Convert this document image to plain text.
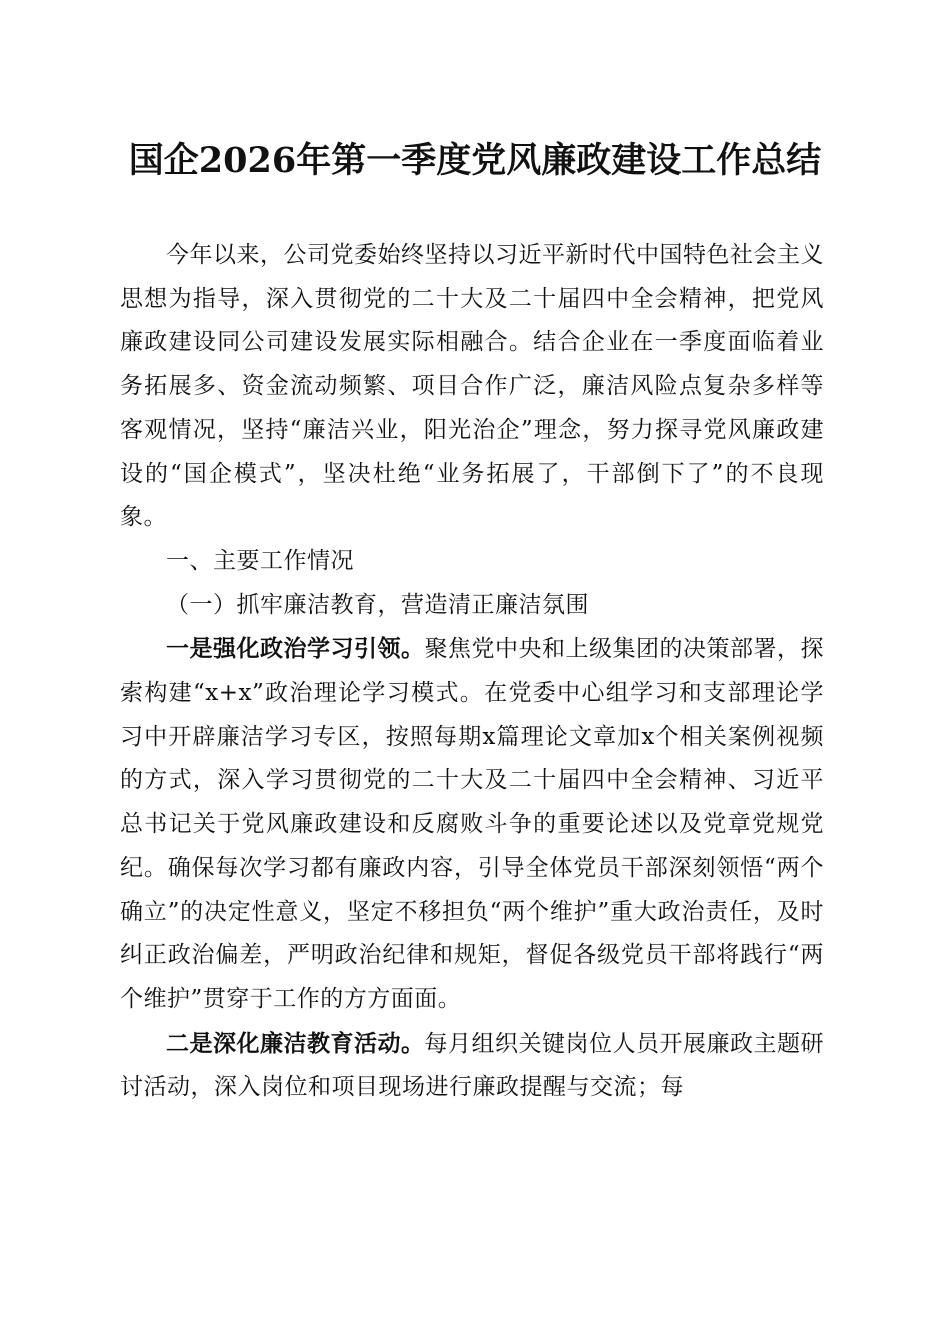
国企2026年第一季度党风廉政建设工作总结

今年以来，公司党委始终坚持以习近平新时代中国特色社会主义思想为指导，深入贯彻党的二十大及二十届四中全会精神，把党风廉政建设同公司建设发展实际相融合。结合企业在一季度面临着业务拓展多、资金流动频繁、项目合作广泛，廉洁风险点复杂多样等客观情况，坚持“廉洁兴业，阳光治企”理念，努力探寻党风廉政建设的“国企模式”，坚决杜绝“业务拓展了，干部倒下了”的不良现象。

一、主要工作情况

（一）抓牢廉洁教育，营造清正廉洁氛围

一是强化政治学习引领。聚焦党中央和上级集团的决策部署，探索构建“x+x”政治理论学习模式。在党委中心组学习和支部理论学习中开辟廉洁学习专区，按照每期x篇理论文章加x个相关案例视频的方式，深入学习贯彻党的二十大及二十届四中全会精神、习近平总书记关于党风廉政建设和反腐败斗争的重要论述以及党章党规党纪。确保每次学习都有廉政内容，引导全体党员干部深刻领悟“两个确立”的决定性意义，坚定不移担负“两个维护”重大政治责任，及时纠正政治偏差，严明政治纪律和规矩，督促各级党员干部将践行“两个维护”贯穿于工作的方方面面。

二是深化廉洁教育活动。每月组织关键岗位人员开展廉政主题研讨活动，深入岗位和项目现场进行廉政提醒与交流；每
